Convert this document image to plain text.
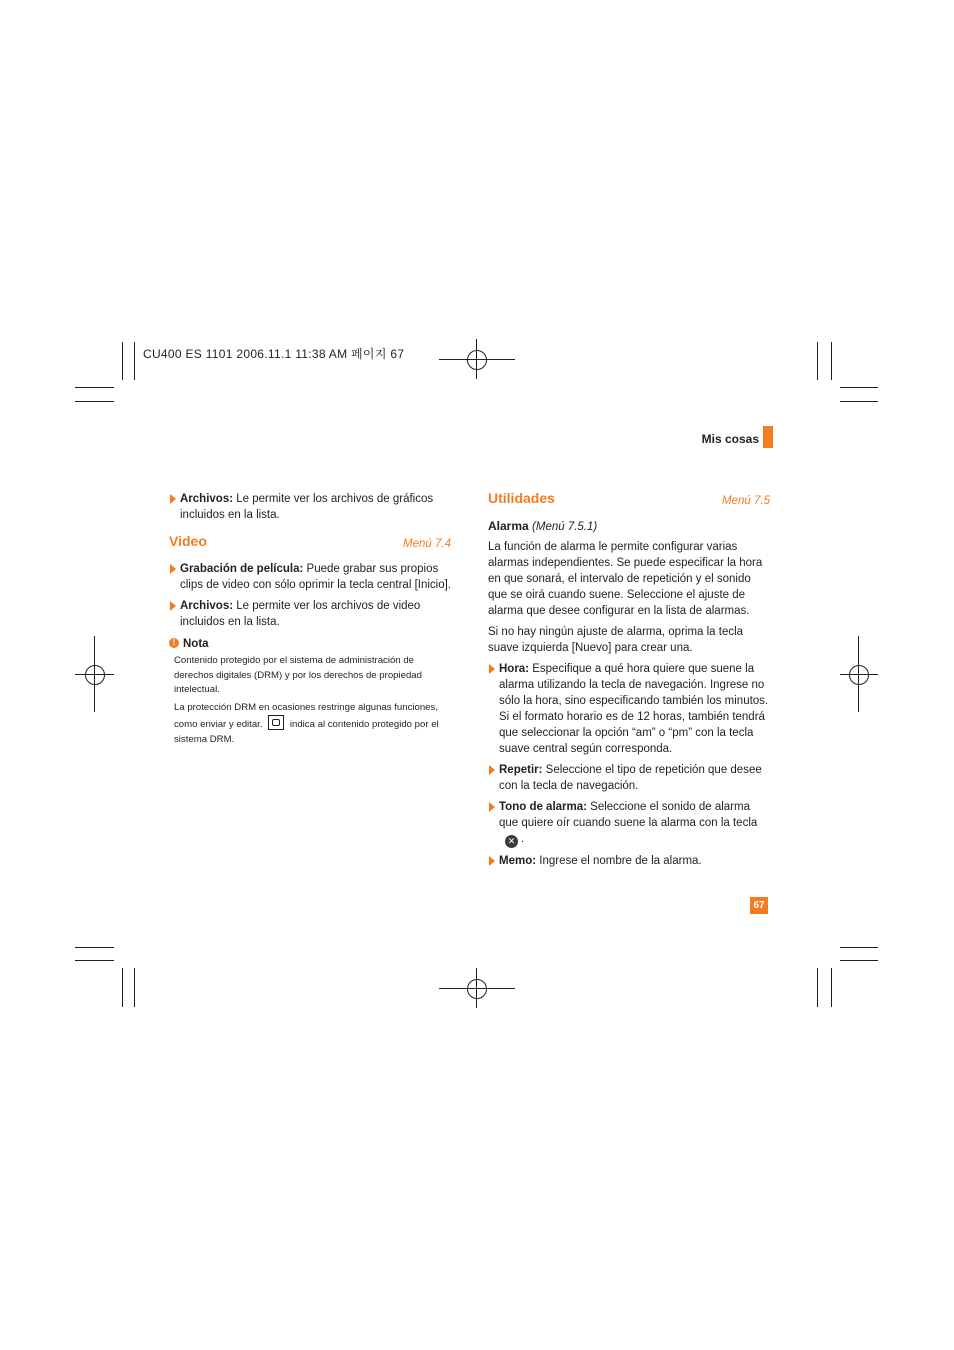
CU400 ES 1101 2006.11.1 11:38 AM 페이지 67
Mis cosas
Archivos: Le permite ver los archivos de gráficos incluidos en la lista.
Video	Menú 7.4
Grabación de película: Puede grabar sus propios clips de video con sólo oprimir la tecla central [Inicio].
Archivos: Le permite ver los archivos de video incluidos en la lista.
! Nota
Contenido protegido por el sistema de administración de derechos digitales (DRM) y por los derechos de propiedad intelectual.
La protección DRM en ocasiones restringe algunas funciones, como enviar y editar.	indica al contenido protegido por el sistema DRM.
Utilidades	Menú 7.5
Alarma (Menú 7.5.1)

La función de alarma le permite configurar varias alarmas independientes. Se puede especificar la hora en que sonará, el intervalo de repetición y el sonido que se oirá cuando suene. Seleccione el ajuste de alarma que desee configurar en la lista de alarmas.

Si no hay ningún ajuste de alarma, oprima la tecla suave izquierda [Nuevo] para crear una.

Hora: Especifique a qué hora quiere que suene la alarma utilizando la tecla de navegación. Ingrese no sólo la hora, sino especificando también los minutos. Si el formato horario es de 12 horas, también tendrá que seleccionar la opción “am” o “pm” con la tecla suave central según corresponda.
Repetir: Seleccione el tipo de repetición que desee con la tecla de navegación.
Tono de alarma: Seleccione el sonido de alarma que quiere oír cuando suene la alarma con la tecla✕ .
Memo: Ingrese el nombre de la alarma.
67
